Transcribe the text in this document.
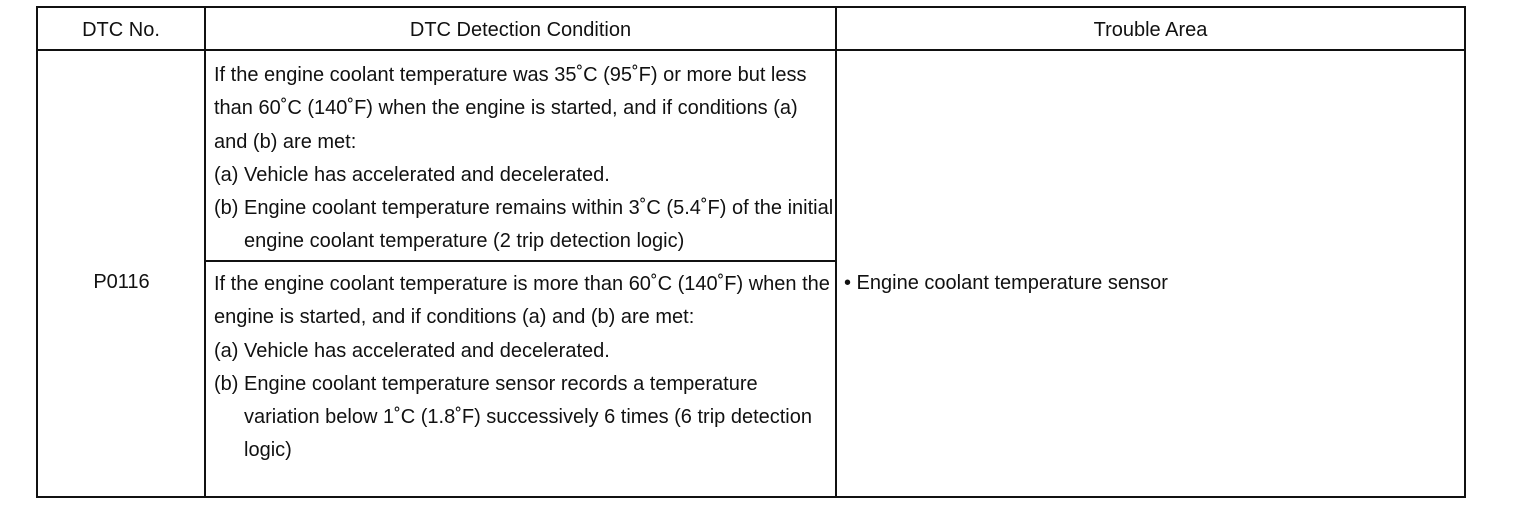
DTC No.	DTC Detection Condition	Trouble Area
P0116

If the engine coolant temperature was 35˚C (95˚F) or more but less than 60˚C (140˚F) when the engine is started, and if conditions (a) and (b) are met:

(a) Vehicle has accelerated and decelerated.

(b) Engine coolant temperature remains within 3˚C (5.4˚F) of the initial engine coolant temperature (2 trip detection logic)

If the engine coolant temperature is more than 60˚C (140˚F) when the engine is started, and if conditions (a) and (b) are met:

(a) Vehicle has accelerated and decelerated.

(b) Engine coolant temperature sensor records a temperature variation below 1˚C (1.8˚F) successively 6 times (6 trip detection logic)

• Engine coolant temperature sensor
